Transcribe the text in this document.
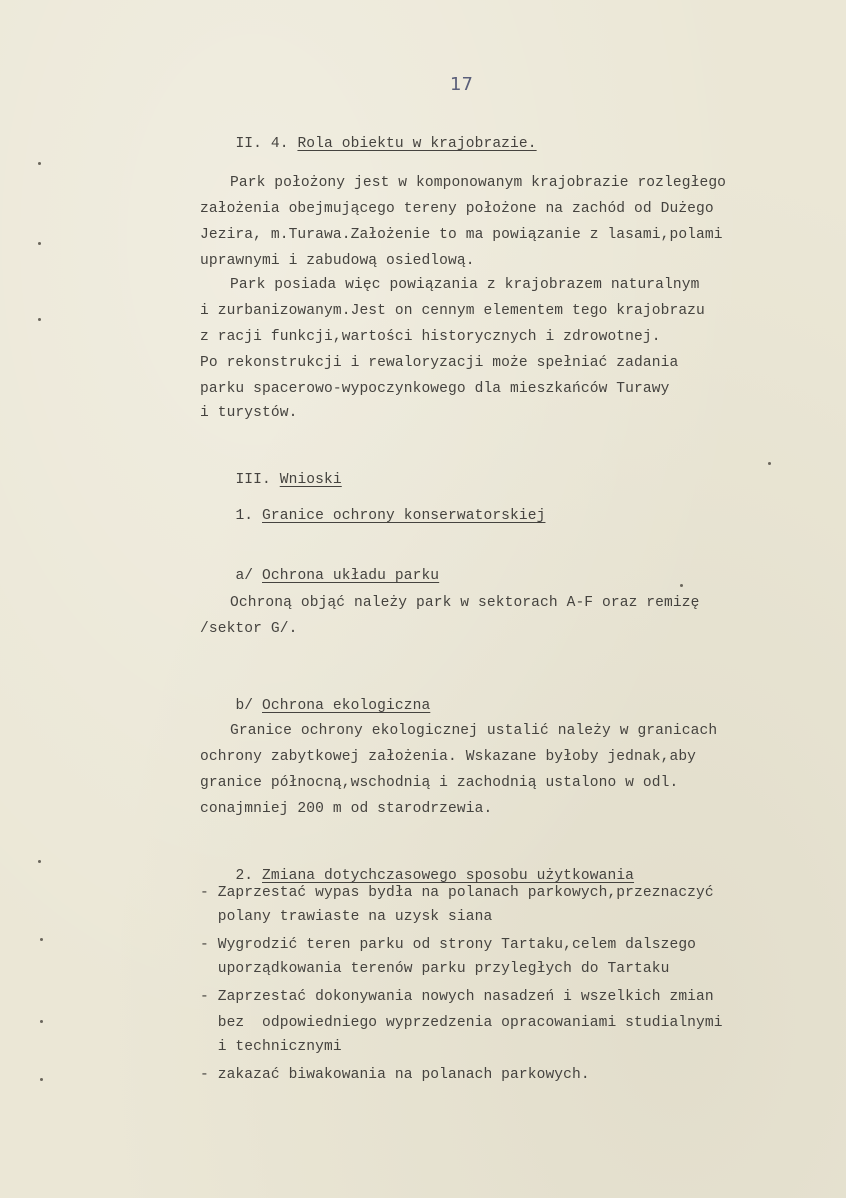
17

II. 4. Rola obiektu w krajobrazie.

Park położony jest w komponowanym krajobrazie rozległego
założenia obejmującego tereny położone na zachód od Dużego
Jezira, m.Turawa.Założenie to ma powiązanie z lasami,polami
uprawnymi i zabudową osiedlową.
Park posiada więc powiązania z krajobrazem naturalnym
i zurbanizowanym.Jest on cennym elementem tego krajobrazu
z racji funkcji,wartości historycznych i zdrowotnej.
Po rekonstrukcji i rewaloryzacji może spełniać zadania
parku spacerowo-wypoczynkowego dla mieszkańców Turawy
i turystów.

III. Wnioski

1. Granice ochrony konserwatorskiej

a/ Ochrona układu parku

Ochroną objąć należy park w sektorach A-F oraz remizę
/sektor G/.

b/ Ochrona ekologiczna

Granice ochrony ekologicznej ustalić należy w granicach
ochrony zabytkowej założenia. Wskazane byłoby jednak,aby
granice północną,wschodnią i zachodnią ustalono w odl.
conajmniej 200 m od starodrzewia.

2. Zmiana dotychczasowego sposobu użytkowania

- Zaprzestać wypas bydła na polanach parkowych,przeznaczyć
polany trawiaste na uzysk siana
- Wygrodzić teren parku od strony Tartaku,celem dalszego
uporządkowania terenów parku przyległych do Tartaku
- Zaprzestać dokonywania nowych nasadzeń i wszelkich zmian
bez  odpowiedniego wyprzedzenia opracowaniami studialnymi
i technicznymi
- zakazać biwakowania na polanach parkowych.
